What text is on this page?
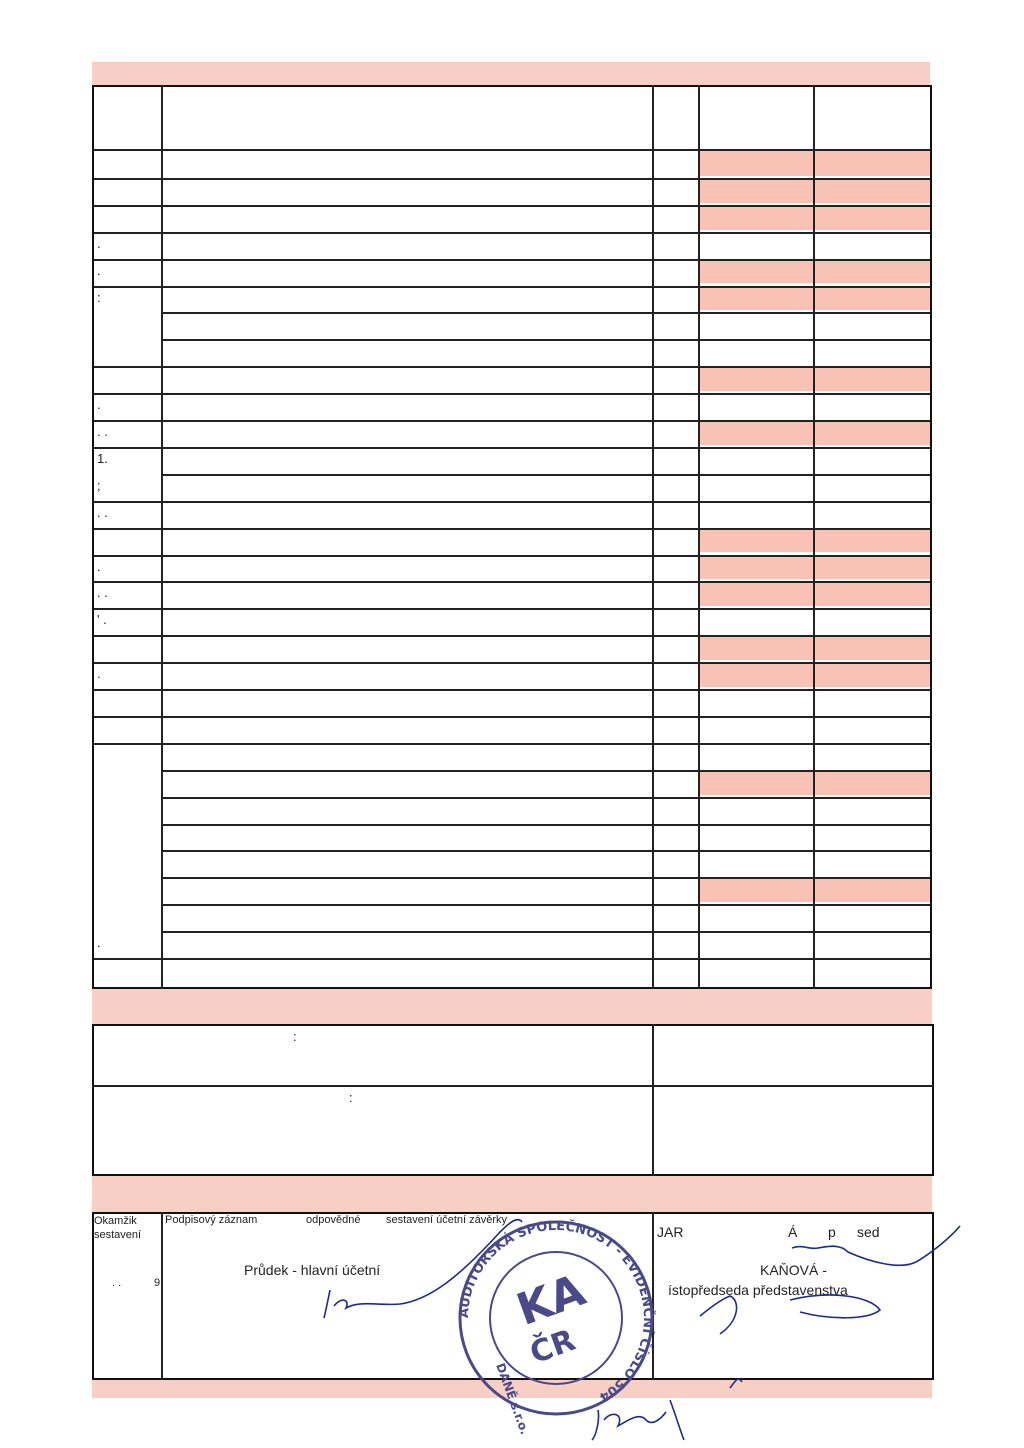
.
.
:
.
. .
1.
;
. .
.
. .
' .
.
.
:
:
Okamžik sestavení
. .	9
Podpisový záznam	odpovědné sestavení účetní závěrky
Průdek - hlavní účetní
JAR	Á p sed
KAŇOVÁ -
ístopředseda představenstva
AUDITORSKÁ SPOLEČNOST - EVIDENČNÍ ČÍSLO 504
KA
ČR
DANĚ s.r.o.
